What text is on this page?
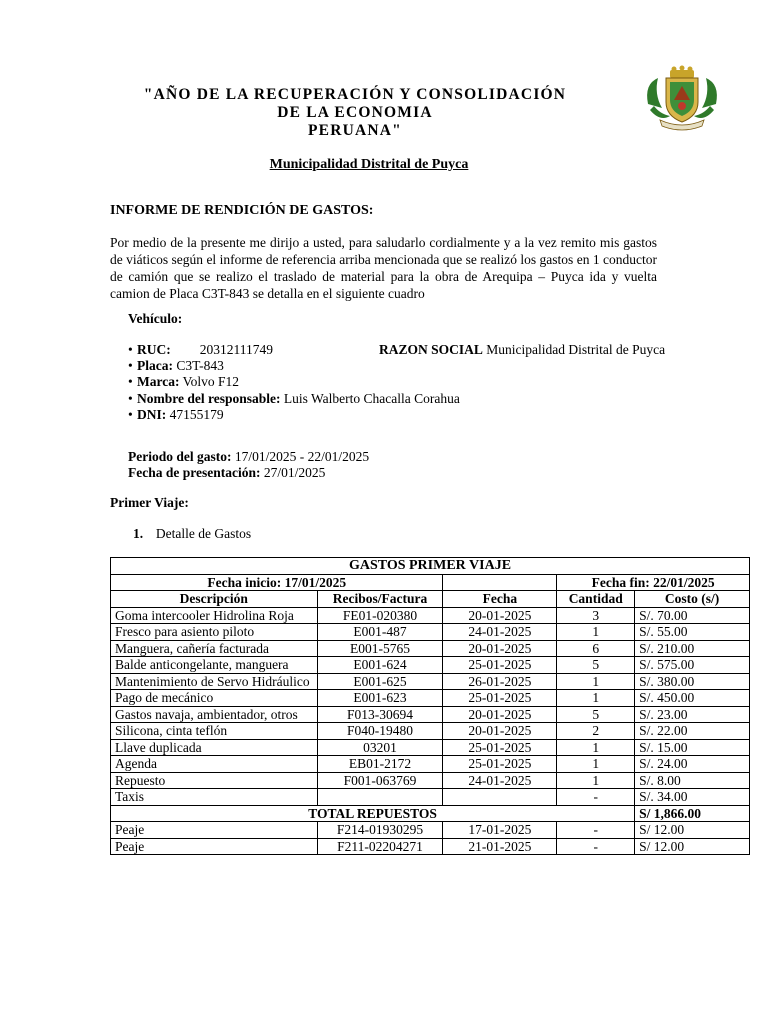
"AÑO DE LA RECUPERACIÓN Y CONSOLIDACIÓN
DE LA ECONOMIA
PERUANA"
Municipalidad Distrital de Puyca
INFORME DE RENDICIÓN DE GASTOS:
Por medio de la presente me dirijo a usted, para saludarlo cordialmente y a la vez remito mis gastos de viáticos según el informe de referencia arriba mencionada que se realizó los gastos en 1 conductor de camión que se realizo el traslado de material para la obra de Arequipa – Puyca ida y vuelta camion de Placa C3T-843 se detalla en el siguiente cuadro
Vehículo:
• RUC: 20312111749	RAZON SOCIAL Municipalidad Distrital de Puyca
• Placa: C3T-843
• Marca: Volvo F12
• Nombre del responsable: Luis Walberto Chacalla Corahua
• DNI: 47155179
Periodo del gasto: 17/01/2025 - 22/01/2025
Fecha de presentación: 27/01/2025
Primer Viaje:
1. Detalle de Gastos
GASTOS PRIMER VIAJE				
Fecha inicio: 17/01/2025			Fecha fin: 22/01/2025	
Descripción	Recibos/Factura	Fecha	Cantidad	Costo (s/)
Goma intercooler Hidrolina Roja	FE01-020380	20-01-2025	3	S/. 70.00
Fresco para asiento piloto	E001-487	24-01-2025	1	S/. 55.00
Manguera, cañería facturada	E001-5765	20-01-2025	6	S/. 210.00
Balde anticongelante, manguera	E001-624	25-01-2025	5	S/. 575.00
Mantenimiento de Servo Hidráulico	E001-625	26-01-2025	1	S/. 380.00
Pago de mecánico	E001-623	25-01-2025	1	S/. 450.00
Gastos navaja, ambientador, otros	F013-30694	20-01-2025	5	S/. 23.00
Silicona, cinta teflón	F040-19480	20-01-2025	2	S/. 22.00
Llave duplicada	03201	25-01-2025	1	S/. 15.00
Agenda	EB01-2172	25-01-2025	1	S/. 24.00
Repuesto	F001-063769	24-01-2025	1	S/. 8.00
Taxis			-	S/. 34.00
TOTAL REPUESTOS				S/ 1,866.00
Peaje	F214-01930295	17-01-2025	-	S/ 12.00
Peaje	F211-02204271	21-01-2025	-	S/ 12.00
